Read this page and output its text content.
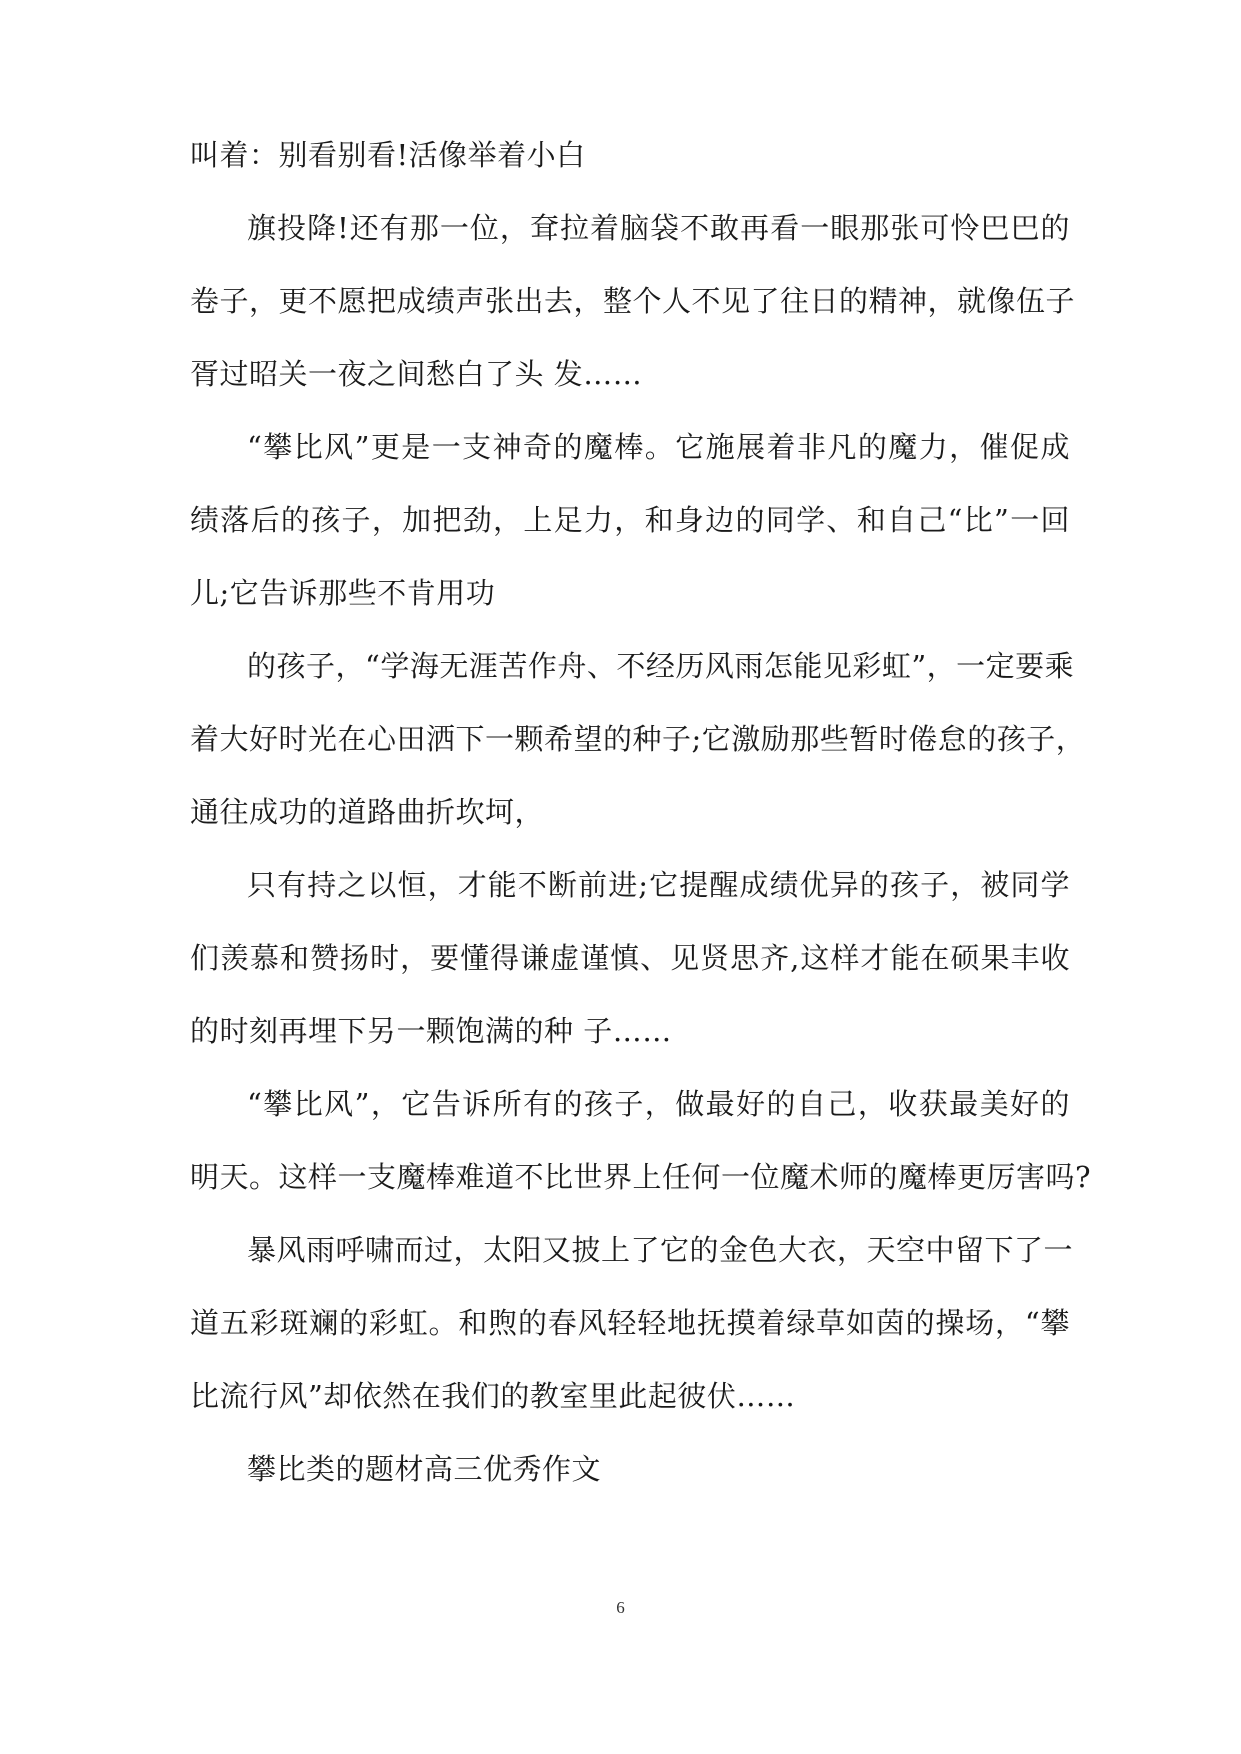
叫着：别看别看!活像举着小白
旗投降!还有那一位，耷拉着脑袋不敢再看一眼那张可怜巴巴的
卷子，更不愿把成绩声张出去，整个人不见了往日的精神，就像伍子
胥过昭关一夜之间愁白了头 发……
“攀比风”更是一支神奇的魔棒。它施展着非凡的魔力，催促成
绩落后的孩子，加把劲，上足力，和身边的同学、和自己“比”一回
儿;它告诉那些不肯用功
的孩子，“学海无涯苦作舟、不经历风雨怎能见彩虹”，一定要乘
着大好时光在心田洒下一颗希望的种子;它激励那些暂时倦怠的孩子，
通往成功的道路曲折坎坷，
只有持之以恒，才能不断前进;它提醒成绩优异的孩子，被同学
们羡慕和赞扬时，要懂得谦虚谨慎、见贤思齐,这样才能在硕果丰收
的时刻再埋下另一颗饱满的种 子……
“攀比风”，它告诉所有的孩子，做最好的自己，收获最美好的
明天。这样一支魔棒难道不比世界上任何一位魔术师的魔棒更厉害吗?
暴风雨呼啸而过，太阳又披上了它的金色大衣，天空中留下了一
道五彩斑斓的彩虹。和煦的春风轻轻地抚摸着绿草如茵的操场，“攀
比流行风”却依然在我们的教室里此起彼伏……
攀比类的题材高三优秀作文
6
